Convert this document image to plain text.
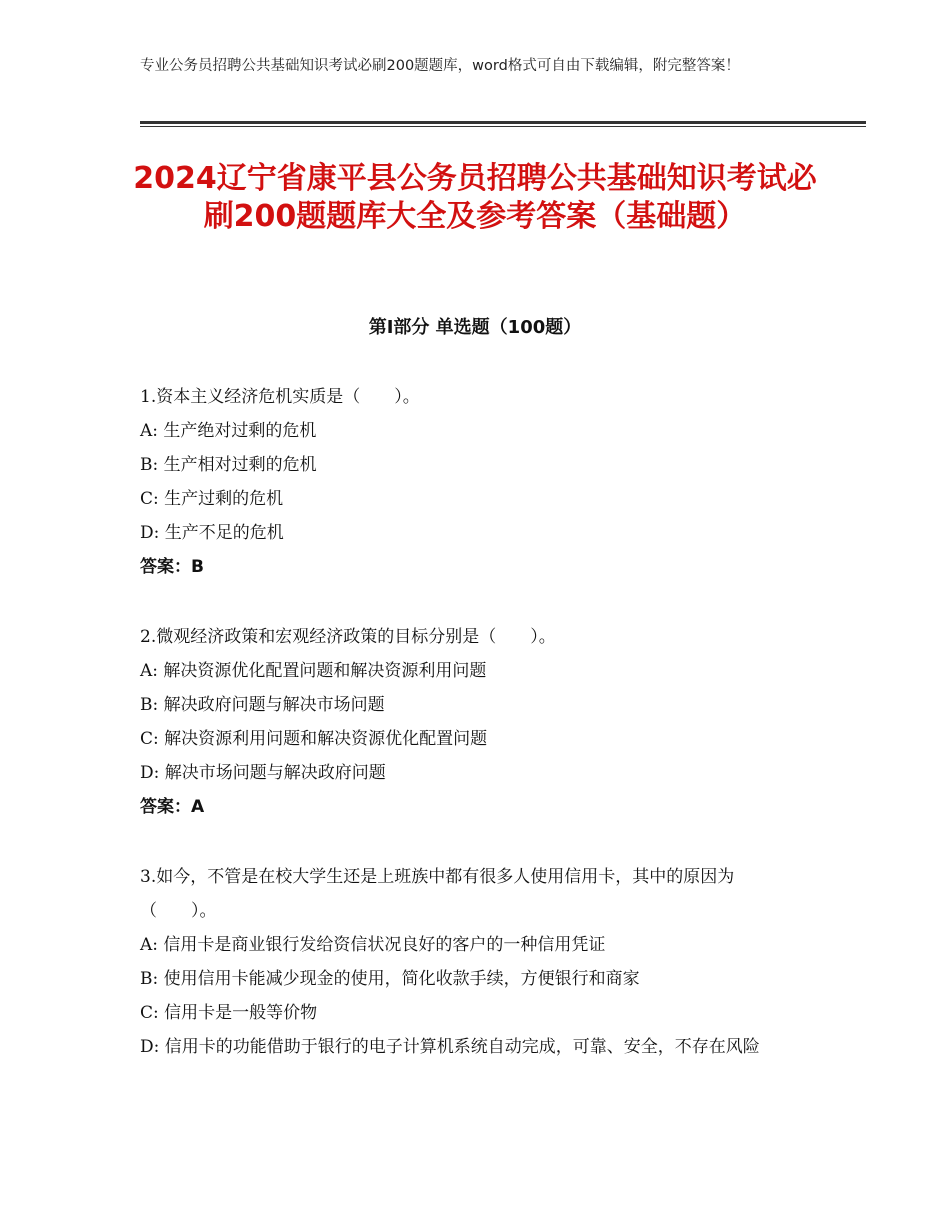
专业公务员招聘公共基础知识考试必刷200题题库，word格式可自由下载编辑，附完整答案！
2024辽宁省康平县公务员招聘公共基础知识考试必刷200题题库大全及参考答案（基础题）
第Ⅰ部分 单选题（100题）
1.资本主义经济危机实质是（　　）。
A: 生产绝对过剩的危机
B: 生产相对过剩的危机
C: 生产过剩的危机
D: 生产不足的危机
答案：B
2.微观经济政策和宏观经济政策的目标分别是（　　）。
A: 解决资源优化配置问题和解决资源利用问题
B: 解决政府问题与解决市场问题
C: 解决资源利用问题和解决资源优化配置问题
D: 解决市场问题与解决政府问题
答案：A
3.如今，不管是在校大学生还是上班族中都有很多人使用信用卡，其中的原因为（　　）。
A: 信用卡是商业银行发给资信状况良好的客户的一种信用凭证
B: 使用信用卡能减少现金的使用，简化收款手续，方便银行和商家
C: 信用卡是一般等价物
D: 信用卡的功能借助于银行的电子计算机系统自动完成，可靠、安全，不存在风险
